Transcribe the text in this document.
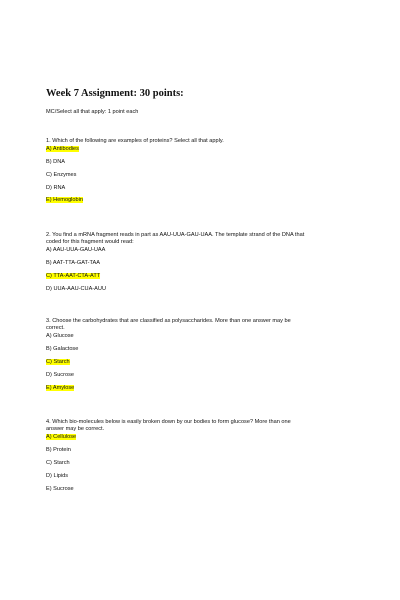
Week 7 Assignment: 30 points:

MC/Select all that apply: 1 point each

1. Which of the following are examples of proteins? Select all that apply.

A) Antibodies

B) DNA

C) Enzymes

D) RNA

E) Hemoglobin

2. You find a mRNA fragment reads in part as AAU-UUA-GAU-UAA. The template strand of the DNA that
coded for this fragment would read:

A) AAU-UUA-GAU-UAA

B) AAT-TTA-GAT-TAA

C) TTA-AAT-CTA-ATT

D) UUA-AAU-CUA-AUU

3. Choose the carbohydrates that are classified as polysaccharides. More than one answer may be
correct.

A) Glucose

B) Galactose

C) Starch

D) Sucrose

E) Amylose

4. Which bio-molecules below is easily broken down by our bodies to form glucose? More than one
answer may be correct.

A) Cellulose

B) Protein

C) Starch

D) Lipids

E) Sucrose
